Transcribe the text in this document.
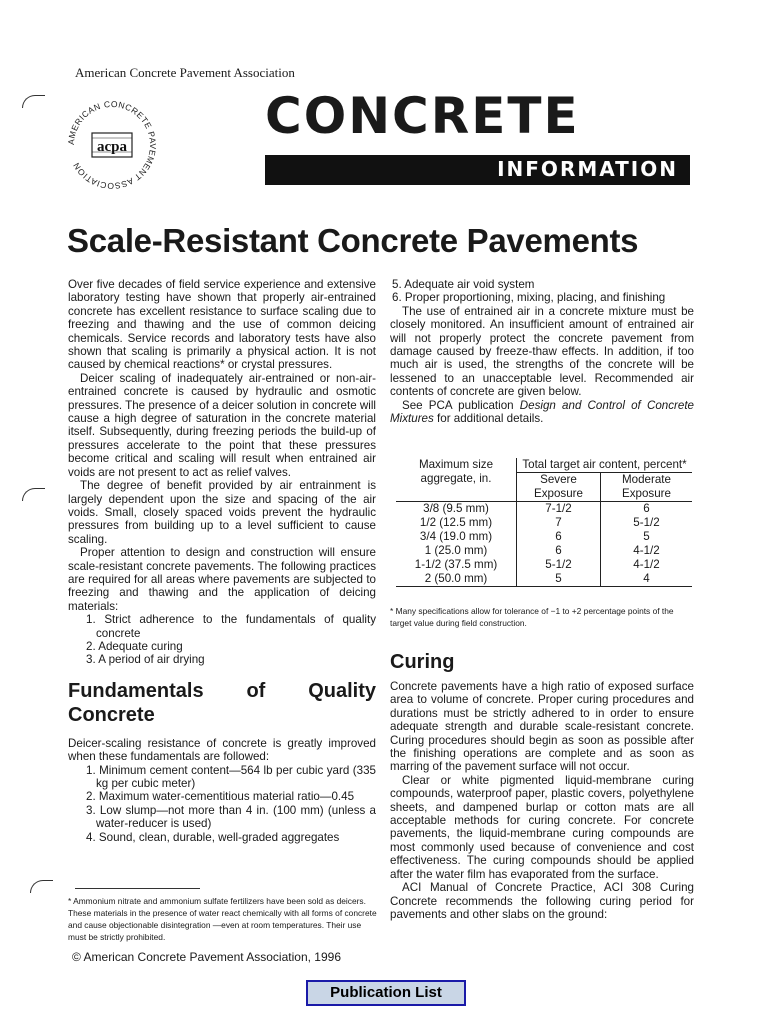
American Concrete Pavement Association
AMERICAN CONCRETE PAVEMENT ASSOCIATION
acpa
CONCRETE
INFORMATION
Scale-Resistant Concrete Pavements

Over five decades of field service experience and extensive laboratory testing have shown that properly air-entrained concrete has excellent resistance to surface scaling due to freezing and thawing and the use of common deicing chemicals. Service records and laboratory tests have also shown that scaling is primarily a physical action. It is not caused by chemical reactions* or crystal pressures.

Deicer scaling of inadequately air-entrained or non-air-entrained concrete is caused by hydraulic and osmotic pressures. The presence of a deicer solution in concrete will cause a high degree of saturation in the concrete material itself. Subsequently, during freezing periods the build-up of pressures accelerate to the point that these pressures become critical and scaling will result when entrained air voids are not present to act as relief valves.

The degree of benefit provided by air entrainment is largely dependent upon the size and spacing of the air voids. Small, closely spaced voids prevent the hydraulic pressures from building up to a level sufficient to cause scaling.

Proper attention to design and construction will ensure scale-resistant concrete pavements. The following practices are required for all areas where pavements are subjected to freezing and thawing and the application of deicing materials:

1. Strict adherence to the fundamentals of quality concrete

2. Adequate curing

3. A period of air drying

Fundamentals of Quality Concrete

Deicer-scaling resistance of concrete is greatly improved when these fundamentals are followed:

1. Minimum cement content—564 lb per cubic yard (335 kg per cubic meter)

2. Maximum water-cementitious material ratio—0.45

3. Low slump—not more than 4 in. (100 mm) (unless a water-reducer is used)

4. Sound, clean, durable, well-graded aggregates

* Ammonium nitrate and ammonium sulfate fertilizers have been sold as deicers. These materials in the presence of water react chemically with all forms of concrete and cause objectionable disintegration —even at room temperatures. Their use must be strictly prohibited.
© American Concrete Pavement Association, 1996

5. Adequate air void system

6. Proper proportioning, mixing, placing, and finishing

The use of entrained air in a concrete mixture must be closely monitored. An insufficient amount of entrained air will not properly protect the concrete pavement from damage caused by freeze-thaw effects. In addition, if too much air is used, the strengths of the concrete will be lessened to an unacceptable level. Recommended air contents of concrete are given below.

See PCA publication Design and Control of Concrete Mixtures for additional details.

Maximum size aggregate, in.	Total target air content, percent*	
	Severe Exposure	Moderate Exposure
3/8 (9.5 mm)	7-1/2	6
1/2 (12.5 mm)	7	5-1/2
3/4 (19.0 mm)	6	5
1 (25.0 mm)	6	4-1/2
1-1/2 (37.5 mm)	5-1/2	4-1/2
2 (50.0 mm)	5	4
* Many specifications allow for tolerance of −1 to +2 percentage points of the target value during field construction.
Curing

Concrete pavements have a high ratio of exposed surface area to volume of concrete. Proper curing procedures and durations must be strictly adhered to in order to ensure adequate strength and durable scale-resistant concrete. Curing procedures should begin as soon as possible after the finishing operations are complete and as soon as marring of the pavement surface will not occur.

Clear or white pigmented liquid-membrane curing compounds, waterproof paper, plastic covers, polyethylene sheets, and dampened burlap or cotton mats are all acceptable methods for curing concrete. For concrete pavements, the liquid-membrane curing compounds are most commonly used because of convenience and cost effectiveness. The curing compounds should be applied after the water film has evaporated from the surface.

ACI Manual of Concrete Practice, ACI 308 Curing Concrete recommends the following curing period for pavements and other slabs on the ground:

Publication List
